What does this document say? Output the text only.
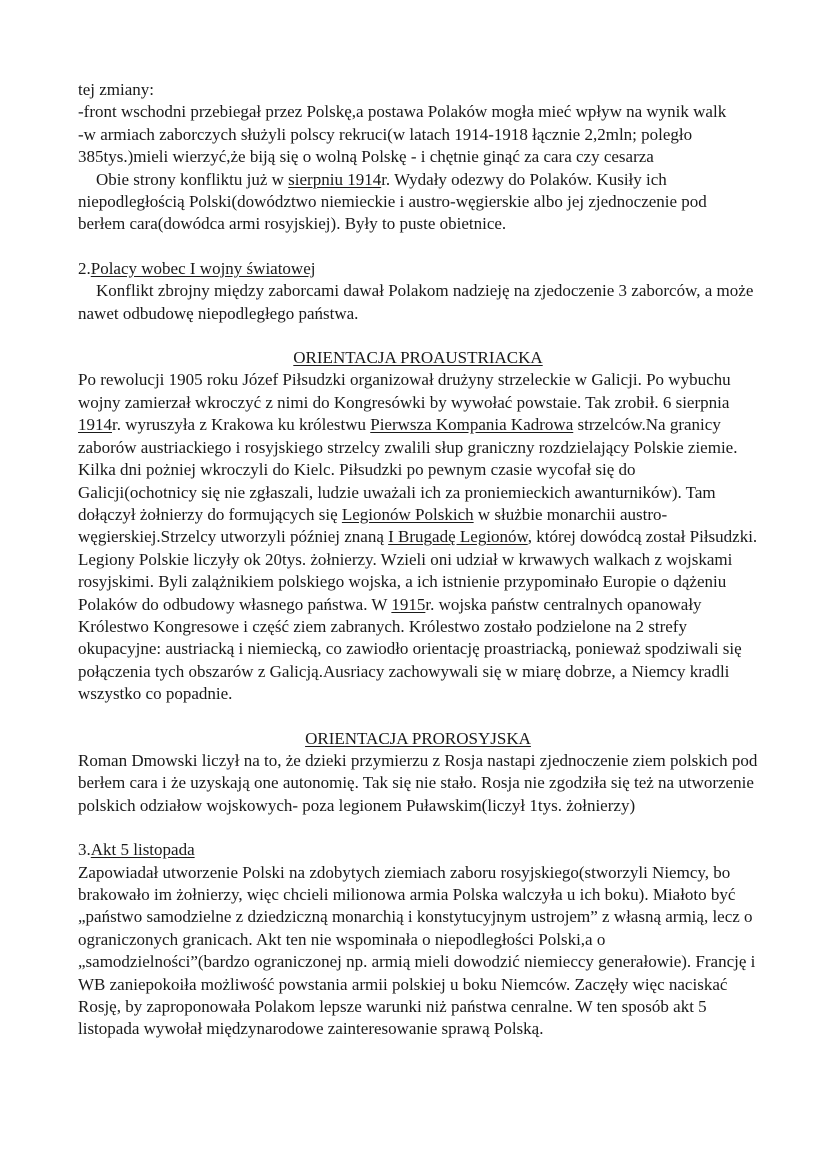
tej zmiany:

-front wschodni przebiegał przez Polskę,a postawa Polaków mogła mieć wpływ na wynik walk

-w armiach zaborczych służyli polscy rekruci(w latach 1914-1918 łącznie 2,2mln; poległo 385tys.)mieli wierzyć,że biją się o wolną Polskę - i chętnie ginąć za cara czy cesarza

Obie strony konfliktu już w sierpniu 1914r. Wydały odezwy do Polaków. Kusiły ich niepodległością Polski(dowództwo niemieckie i austro-węgierskie albo jej zjednoczenie pod berłem cara(dowódca armi rosyjskiej). Były to puste obietnice.

2.Polacy wobec I wojny światowej

Konflikt zbrojny między zaborcami dawał Polakom nadzieję na zjedoczenie 3 zaborców, a może nawet odbudowę niepodległego państwa.

ORIENTACJA PROAUSTRIACKA

Po rewolucji 1905 roku Józef Piłsudzki organizował drużyny strzeleckie w Galicji. Po wybuchu wojny zamierzał wkroczyć z nimi do Kongresówki by wywołać powstaie. Tak zrobił. 6 sierpnia 1914r. wyruszyła z Krakowa ku królestwu Pierwsza Kompania Kadrowa strzelców.Na granicy zaborów austriackiego i rosyjskiego strzelcy zwalili słup graniczny rozdzielający Polskie ziemie. Kilka dni pożniej wkroczyli do Kielc. Piłsudzki po pewnym czasie wycofał się do Galicji(ochotnicy się nie zgłaszali, ludzie uważali ich za proniemieckich awanturników). Tam dołączył żołnierzy do formujących się Legionów Polskich w służbie monarchii austro-węgierskiej.Strzelcy utworzyli później znaną I Brugadę Legionów, której dowódcą został Piłsudzki. Legiony Polskie liczyły ok 20tys. żołnierzy. Wzieli oni udział w krwawych walkach z wojskami rosyjskimi. Byli zalążnikiem polskiego wojska, a ich istnienie przypominało Europie o dążeniu Polaków do odbudowy własnego państwa. W 1915r. wojska państw centralnych opanowały Królestwo Kongresowe i część ziem zabranych. Królestwo zostało podzielone na 2 strefy okupacyjne: austriacką i niemiecką, co zawiodło orientację proastriacką, ponieważ spodziwali się połączenia tych obszarów z Galicją.Ausriacy zachowywali się w miarę dobrze, a Niemcy kradli wszystko co popadnie.

ORIENTACJA PROROSYJSKA

Roman Dmowski liczył na to, że dzieki przymierzu z Rosja nastapi zjednoczenie ziem polskich pod berłem cara i że uzyskają one autonomię. Tak się nie stało. Rosja nie zgodziła się też na utworzenie polskich odziałow wojskowych- poza legionem Puławskim(liczył 1tys. żołnierzy)

3.Akt 5 listopada

Zapowiadał utworzenie Polski na zdobytych ziemiach zaboru rosyjskiego(stworzyli Niemcy, bo brakowało im żołnierzy, więc chcieli milionowa armia Polska walczyła u ich boku). Miałoto być „państwo samodzielne z dziedziczną monarchią i konstytucyjnym ustrojem” z własną armią, lecz o ograniczonych granicach. Akt ten nie wspominała o niepodległości Polski,a o „samodzielności”(bardzo ograniczonej np. armią mieli dowodzić niemieccy generałowie). Francję i WB zaniepokoiła możliwość powstania armii polskiej u boku Niemców. Zaczęły więc naciskać Rosję, by zaproponowała Polakom lepsze warunki niż państwa cenralne. W ten sposób akt 5 listopada wywołał międzynarodowe zainteresowanie sprawą Polską.
